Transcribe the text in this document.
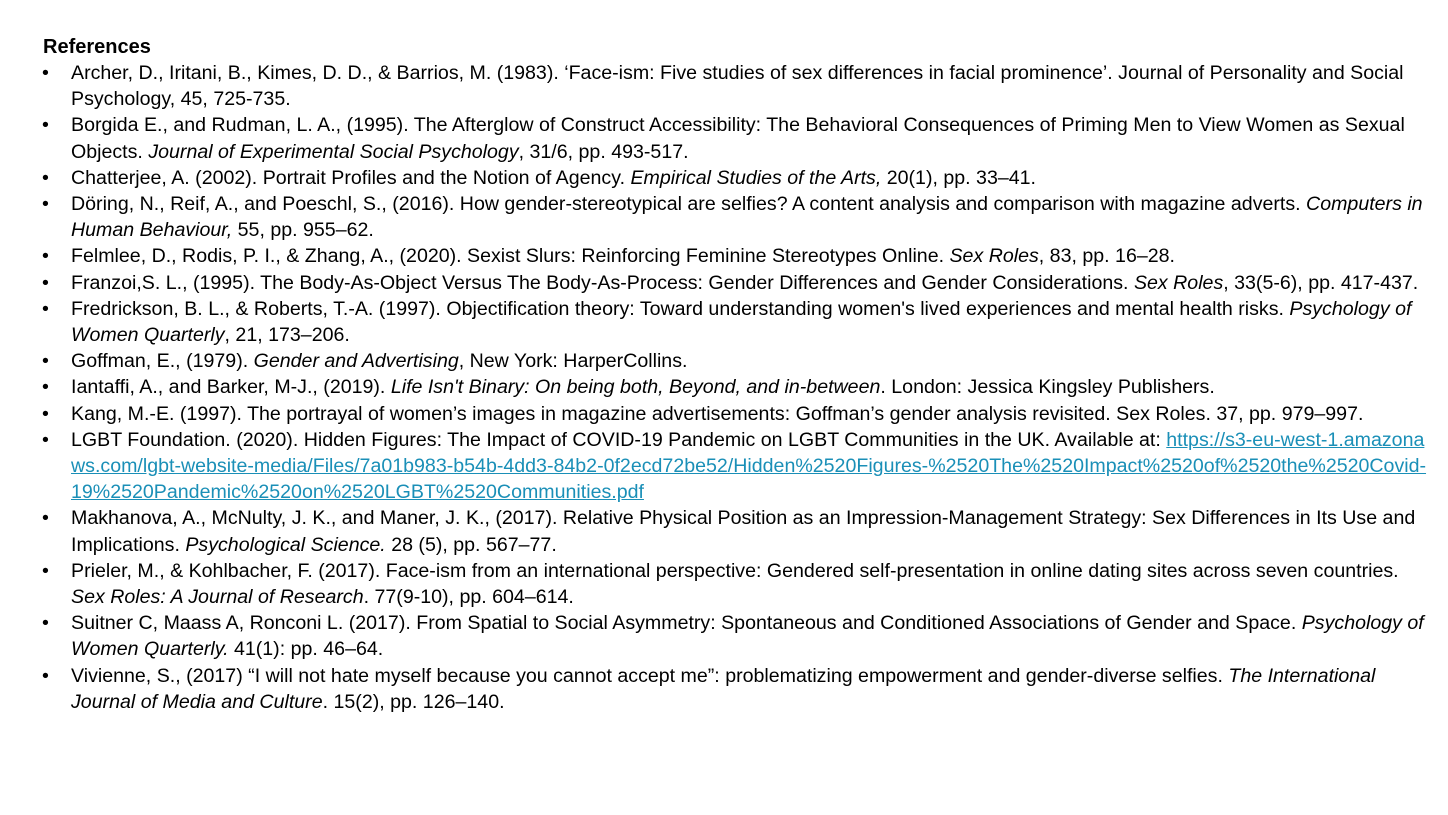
References
• Archer, D., Iritani, B., Kimes, D. D., & Barrios, M. (1983). ‘Face-ism: Five studies of sex differences in facial prominence’. Journal of Personality and Social Psychology, 45, 725-735.
• Borgida E., and Rudman, L. A., (1995). The Afterglow of Construct Accessibility: The Behavioral Consequences of Priming Men to View Women as Sexual Objects. Journal of Experimental Social Psychology, 31/6, pp. 493-517.
• Chatterjee, A. (2002). Portrait Profiles and the Notion of Agency. Empirical Studies of the Arts, 20(1), pp. 33–41.
• Döring, N., Reif, A., and Poeschl, S., (2016). How gender-stereotypical are selfies? A content analysis and comparison with magazine adverts. Computers in Human Behaviour, 55, pp. 955–62.
• Felmlee, D., Rodis, P. I., & Zhang, A., (2020). Sexist Slurs: Reinforcing Feminine Stereotypes Online. Sex Roles, 83, pp. 16–28.
• Franzoi,S. L., (1995). The Body-As-Object Versus The Body-As-Process: Gender Differences and Gender Considerations. Sex Roles, 33(5-6), pp. 417-437.
• Fredrickson, B. L., & Roberts, T.-A. (1997). Objectification theory: Toward understanding women's lived experiences and mental health risks. Psychology of Women Quarterly, 21, 173–206.
• Goffman, E., (1979). Gender and Advertising, New York: HarperCollins.
• Iantaffi, A., and Barker, M-J., (2019). Life Isn't Binary: On being both, Beyond, and in-between. London: Jessica Kingsley Publishers.
• Kang, M.-E. (1997). The portrayal of women’s images in magazine advertisements: Goffman’s gender analysis revisited. Sex Roles. 37, pp. 979–997.
• LGBT Foundation. (2020). Hidden Figures: The Impact of COVID-19 Pandemic on LGBT Communities in the UK. Available at: https://s3-eu-west-1.amazonaws.com/lgbt-website-media/Files/7a01b983-b54b-4dd3-84b2-0f2ecd72be52/Hidden%2520Figures-%2520The%2520Impact%2520of%2520the%2520Covid-19%2520Pandemic%2520on%2520LGBT%2520Communities.pdf
• Makhanova, A., McNulty, J. K., and Maner, J. K., (2017). Relative Physical Position as an Impression-Management Strategy: Sex Differences in Its Use and Implications. Psychological Science. 28 (5), pp. 567–77.
• Prieler, M., & Kohlbacher, F. (2017). Face-ism from an international perspective: Gendered self-presentation in online dating sites across seven countries. Sex Roles: A Journal of Research. 77(9-10), pp. 604–614.
• Suitner C, Maass A, Ronconi L. (2017). From Spatial to Social Asymmetry: Spontaneous and Conditioned Associations of Gender and Space. Psychology of Women Quarterly. 41(1): pp. 46–64.
• Vivienne, S., (2017) “I will not hate myself because you cannot accept me”: problematizing empowerment and gender-diverse selfies. The International Journal of Media and Culture. 15(2), pp. 126–140.
